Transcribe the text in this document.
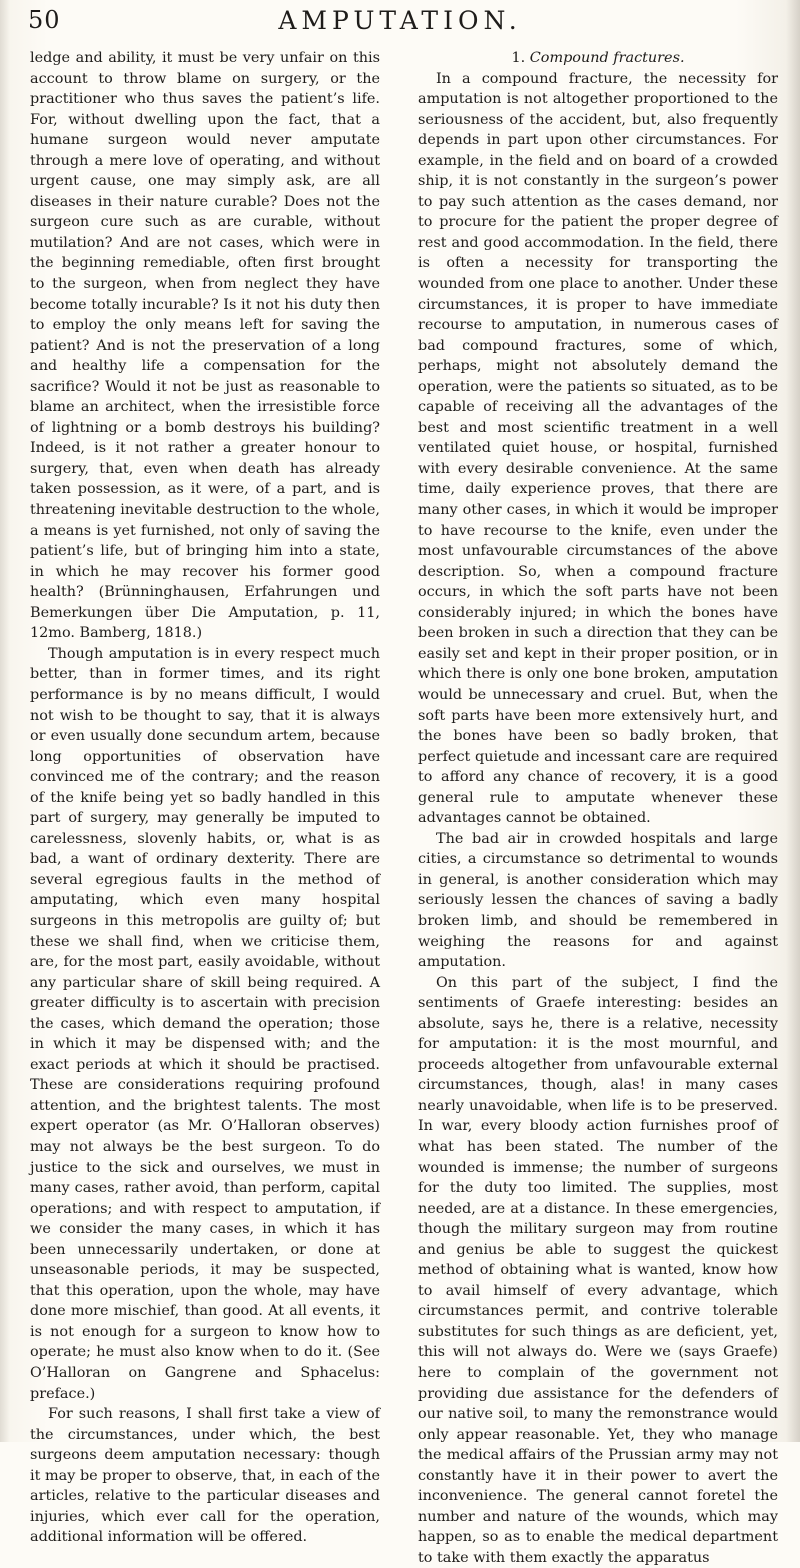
50	AMPUTATION.

ledge and ability, it must be very unfair on this account to throw blame on surgery, or the practitioner who thus saves the patient’s life. For, without dwelling upon the fact, that a humane surgeon would never amputate through a mere love of operating, and without urgent cause, one may simply ask, are all diseases in their nature curable? Does not the surgeon cure such as are curable, without mutilation? And are not cases, which were in the beginning remediable, often first brought to the surgeon, when from neglect they have become totally incurable? Is it not his duty then to employ the only means left for saving the patient? And is not the preservation of a long and healthy life a compensation for the sacrifice? Would it not be just as reasonable to blame an architect, when the irresistible force of lightning or a bomb destroys his building? Indeed, is it not rather a greater honour to surgery, that, even when death has already taken possession, as it were, of a part, and is threatening inevitable destruction to the whole, a means is yet furnished, not only of saving the patient’s life, but of bringing him into a state, in which he may recover his former good health? (Brünninghausen, Erfahrungen und Bemerkungen über Die Amputation, p. 11, 12mo. Bamberg, 1818.)

Though amputation is in every respect much better, than in former times, and its right performance is by no means difficult, I would not wish to be thought to say, that it is always or even usually done secundum artem, because long opportunities of observation have convinced me of the contrary; and the reason of the knife being yet so badly handled in this part of surgery, may generally be imputed to carelessness, slovenly habits, or, what is as bad, a want of ordinary dexterity. There are several egregious faults in the method of amputating, which even many hospital surgeons in this metropolis are guilty of; but these we shall find, when we criticise them, are, for the most part, easily avoidable, without any particular share of skill being required. A greater difficulty is to ascertain with precision the cases, which demand the operation; those in which it may be dispensed with; and the exact periods at which it should be practised. These are considerations requiring profound attention, and the brightest talents. The most expert operator (as Mr. O’Halloran observes) may not always be the best surgeon. To do justice to the sick and ourselves, we must in many cases, rather avoid, than perform, capital operations; and with respect to amputation, if we consider the many cases, in which it has been unnecessarily undertaken, or done at unseasonable periods, it may be suspected, that this operation, upon the whole, may have done more mischief, than good. At all events, it is not enough for a surgeon to know how to operate; he must also know when to do it. (See O’Halloran on Gangrene and Sphacelus: preface.)

For such reasons, I shall first take a view of the circumstances, under which, the best surgeons deem amputation necessary: though it may be proper to observe, that, in each of the articles, relative to the particular diseases and injuries, which ever call for the operation, additional information will be offered.

1. Compound fractures.

In a compound fracture, the necessity for amputation is not altogether proportioned to the seriousness of the accident, but, also frequently depends in part upon other circumstances. For example, in the field and on board of a crowded ship, it is not constantly in the surgeon’s power to pay such attention as the cases demand, nor to procure for the patient the proper degree of rest and good accommodation. In the field, there is often a necessity for transporting the wounded from one place to another. Under these circumstances, it is proper to have immediate recourse to amputation, in numerous cases of bad compound fractures, some of which, perhaps, might not absolutely demand the operation, were the patients so situated, as to be capable of receiving all the advantages of the best and most scientific treatment in a well ventilated quiet house, or hospital, furnished with every desirable convenience. At the same time, daily experience proves, that there are many other cases, in which it would be improper to have recourse to the knife, even under the most unfavourable circumstances of the above description. So, when a compound fracture occurs, in which the soft parts have not been considerably injured; in which the bones have been broken in such a direction that they can be easily set and kept in their proper position, or in which there is only one bone broken, amputation would be unnecessary and cruel. But, when the soft parts have been more extensively hurt, and the bones have been so badly broken, that perfect quietude and incessant care are required to afford any chance of recovery, it is a good general rule to amputate whenever these advantages cannot be obtained.

The bad air in crowded hospitals and large cities, a circumstance so detrimental to wounds in general, is another consideration which may seriously lessen the chances of saving a badly broken limb, and should be remembered in weighing the reasons for and against amputation.

On this part of the subject, I find the sentiments of Graefe interesting: besides an absolute, says he, there is a relative, necessity for amputation: it is the most mournful, and proceeds altogether from unfavourable external circumstances, though, alas! in many cases nearly unavoidable, when life is to be preserved. In war, every bloody action furnishes proof of what has been stated. The number of the wounded is immense; the number of surgeons for the duty too limited. The supplies, most needed, are at a distance. In these emergencies, though the military surgeon may from routine and genius be able to suggest the quickest method of obtaining what is wanted, know how to avail himself of every advantage, which circumstances permit, and contrive tolerable substitutes for such things as are deficient, yet, this will not always do. Were we (says Graefe) here to complain of the government not providing due assistance for the defenders of our native soil, to many the remonstrance would only appear reasonable. Yet, they who manage the medical affairs of the Prussian army may not constantly have it in their power to avert the inconvenience. The general cannot foretel the number and nature of the wounds, which may happen, so as to enable the medical department to take with them exactly the apparatus
